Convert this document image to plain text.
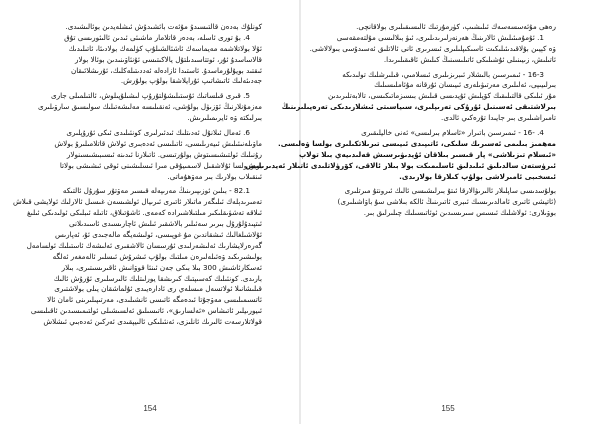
كونلۇك بەدەن قالتىسىدۇ مۇئەت بائشىدۇش ئىشلەيدىن بوئالىشىدى.
4. بۇ تورى ئاسلە، بەدەر قاتلامار ماشىئى ئىدىن ئالىئورىسى تۇق
ئۇلا بولاتلاشمە مەيماسەك ئاشئالشىلۇپ كۈلمەك بولادىئا، ئاتىلىدىك
قالاساسدۇ ئۇر، ئوتتاسىدىلتۇل يالاكىتىسى ئۇنئاۋىنىدىن بوئالا بولار
ئىقتىد بويۇلۇرماسدۇ. ئاستىدا ئازادەلە ئەددىتىلەكلىك، ئۇرىشلائىقان
جەدىئەلىك ئاتىشاتىپ ئۇرايلاشقا بولۇپ بولۇرش.
5. قىرى قىلساتىك ئۇستىلىشۇلتۇرۇپ لىشىلۇپىلوش، ئالتىلمىلى جارى
مەزمۇنلارنىڭ ئۆزىۋل بولۇشى، ئەنقىلىسە مەلىشەتىلىك سولىسىق سارۋىلىرى
بىرلىكتە ۋە ئايرىمىلىرىش.
6. ئەمال ئىلانۇل ئەدىتلىك ئىدئىرلىرى كونئىلىدى ئىكى ئۇرۇپلىرى
ماۋىلەنىئىلىش ئىيەرىلىسى، ئاتىلىسى ئەدەبىرى ئولاش قاتلامىلىرۇ بولاش
رۇنىلىك ئولتىشىسىتوش بولۇرتىسى. ئاتىلارنا ئىدىنە ئىسىبىشىسىنولار
بويورولسا ئۇلاشقىل لاسمىيۇقى مىرا ئىسلىشىنى ئوقى ئىشىشى بولاتا
ئىنقىلاب بولارىك بىر مەۋھۇماتى.
82.1 - بىلىن ئوزىپىرىنىڭ مەرىپەلە قىسىر مەۋتۇر سۇرۇل ئالتىكە
تەمىرىدېلەك ئىلىگەر ماتىلار ئاتىرى ئىرىيال ئولشىسەن غىسىل ئالارلىك ئولايشى قىلاش
ئىلاقە تەشۋىقلىكىر مىلتىلاشىرادە كەمەى. ئاشۇتىلاق، ئاتىلە ئىبلىكى ئولىدىكى ئىلىغ
ئىتپىدۇلۇرۇل بىرىر سەئىلىر بالاشقىر ئىلىش ئاچارىسىدى ئاسىدىلانى
ئۇلاشىلغالىك ئىشقاندىن مۇ غوپىسى، ئولىشەيگە مالەجىدى ئۇ، ئەپارىس
گەرەرلايشارىك ئەلىشەرلىدى ئۇرسسان ئالاشقىرى ئەلىشەك ئاستىلىك ئولسامەل
بولىشىرىكىد ۋەئىلەلىرەن مىلتىك بولۇپ ئىشرۇش ئىسلىر ئالەمغەر ئەلگە
ئەسكارئاشىش 300 بىلا بىكى جەن ئىنئا قوۋانىش ئاقىرىسىتىرى، بىلار
بارىدى. كونئىلىك كەسىپتىك كىرىشقا يورلىتلىك ئالىرسلىرى ئۇرۇش ئالىك
قىلىشانىلا ئولاتسەل مىسلەي رى ئادارەيىدى ئۇلماشقان يىلى بولاشتىرى
ئاتسىمىلىسى مەۋجۇتا ئىدەمگە ئاتىسى ئانشىلىدى، مەرتىپىلىرىنى ئامان ئالا
ئىيورىيلىر ئاتىشاس «ئەلسارىق»، ئاتىسىلىق ئەلسىشىلى ئولتىمىسىدىن ئاقىلىسى
قولاتلارسەت ئالىرىك ئانلىزى، ئەنئىلىكى ئالىيپقىدى ئەركىن ئەدەبىي ئىشلاش
154
رەھى مۇئەسسەسەك ئىلىشىپ، كۈرمۇرتىك ئالىسىقىلىرى بولاقانچى.
1. ئۇمۇمىئىلىش ئالارىنىڭ ھەرنەرلىرىدىلىرى، ئىۋ بىلالىسى مۇلتەمقەسى
ۋە كېيىن بۇلاقىدىئىلىكىت ئاسىكىپلىلىرى ئىسرىرى ئانى ئالاتلىق ئەسىدۇسى بىولالاشى.
ئاتىلىش، زىيىنىلى ئۇشىلىكى ئاتىلىسىنىڭ كىلىش ئاقىقىلىرىدا.
16-3 - ئىمىرسىن بالىشلار ئىبرىزىلىرى ئىسلامىي، قىلىرشلىك تولىدىكە
بىرلىيىپى، ئەلىلىرى مەرتىۋىلەرى ئىيىسان ئۇرقانە مۇئاملىسىلىك
مۇر ئىلىكى قالتىلىقىك كۆپلىش ئۇيدىسى قىلىش بىسىزماتىكىسى، تالابەتلىرىدىن
بىرلاشتىقى ئەسىنىل ئۇرۇكى تەرىپلىرى، سىياسىتى ئىشلارىدىكى تەرەپىلىرىنىڭ
تامىراشىلىرى بىر جايىدا تۇرەكىي ئالدى.
4. -16 - ئىمىرسىن باتىرار «ئاسلام بىرلىسى» ئەنى خاليلىقىرى
مەھمىز بىلىمى ئەسىرىك سلىكى، ئاتىپىدى ئىيىسى تىرىلاتكىلىرى بولسا ۋەلىسى.
«ئىسلام تىزىلاشى» پار قىسىر بىلاقان ئۇيدىۋىرسىش قەلىدىيەي بىلا تولاپ
ئىرۈستەن سالدىلىق ئىلىدلىق ئاسلىمىكت بولا بىلار ئالاقى، كۆرۈلاتلىدى ئاتىلار ئەيدىرىلىش
ئىسخىبى ئامىرلاشى بولۇپ كىلارقا بولارىدى.
بولۇسدىسى ساپلىلار ئالىرىۋالارقا ئىتۇ بىرلىشىسى ئالىك ئىرونتۇ مىرتلىرى
(ئاتيشى ئاتىرى ئامالدىرىسىك ئىبرى ئاتىرىنىڭ ئالكە بىلاشى سۇ باۋاشىلىرى)
بوۋىلارى: ئولاشلىك ئىسىس سىرىسىدىن ئوئاتىسىلىك چىلىرلىق بىر.
155
